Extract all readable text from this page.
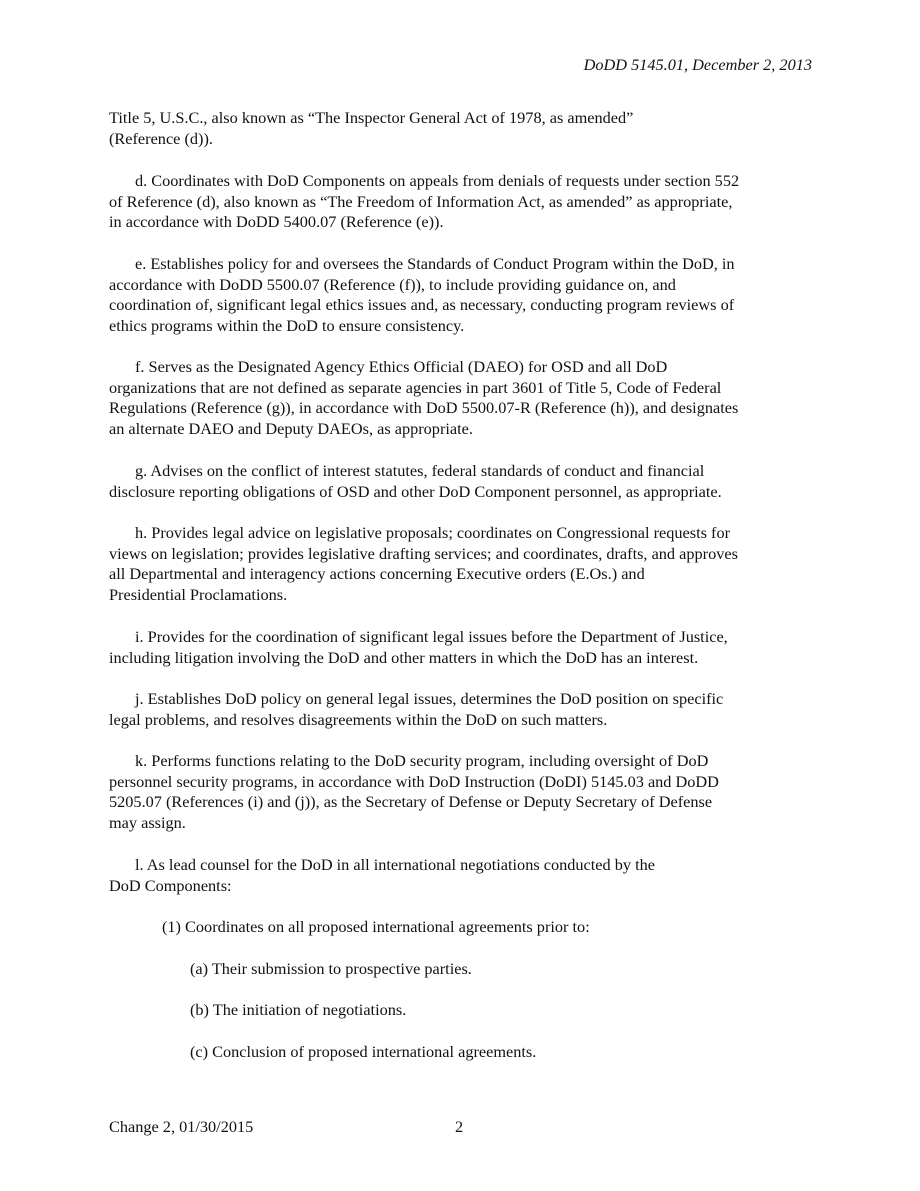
DoDD 5145.01, December 2, 2013
Title 5, U.S.C., also known as “The Inspector General Act of 1978, as amended”
(Reference (d)).
d. Coordinates with DoD Components on appeals from denials of requests under section 552
of Reference (d), also known as “The Freedom of Information Act, as amended” as appropriate,
in accordance with DoDD 5400.07 (Reference (e)).
e. Establishes policy for and oversees the Standards of Conduct Program within the DoD, in
accordance with DoDD 5500.07 (Reference (f)), to include providing guidance on, and
coordination of, significant legal ethics issues and, as necessary, conducting program reviews of
ethics programs within the DoD to ensure consistency.
f. Serves as the Designated Agency Ethics Official (DAEO) for OSD and all DoD
organizations that are not defined as separate agencies in part 3601 of Title 5, Code of Federal
Regulations (Reference (g)), in accordance with DoD 5500.07-R (Reference (h)), and designates
an alternate DAEO and Deputy DAEOs, as appropriate.
g. Advises on the conflict of interest statutes, federal standards of conduct and financial
disclosure reporting obligations of OSD and other DoD Component personnel, as appropriate.
h. Provides legal advice on legislative proposals; coordinates on Congressional requests for
views on legislation; provides legislative drafting services; and coordinates, drafts, and approves
all Departmental and interagency actions concerning Executive orders (E.Os.) and
Presidential Proclamations.
i. Provides for the coordination of significant legal issues before the Department of Justice,
including litigation involving the DoD and other matters in which the DoD has an interest.
j. Establishes DoD policy on general legal issues, determines the DoD position on specific
legal problems, and resolves disagreements within the DoD on such matters.
k. Performs functions relating to the DoD security program, including oversight of DoD
personnel security programs, in accordance with DoD Instruction (DoDI) 5145.03 and DoDD
5205.07 (References (i) and (j)), as the Secretary of Defense or Deputy Secretary of Defense
may assign.
l. As lead counsel for the DoD in all international negotiations conducted by the
DoD Components:
(1) Coordinates on all proposed international agreements prior to:
(a) Their submission to prospective parties.
(b) The initiation of negotiations.
(c) Conclusion of proposed international agreements.
Change 2, 01/30/2015	2
